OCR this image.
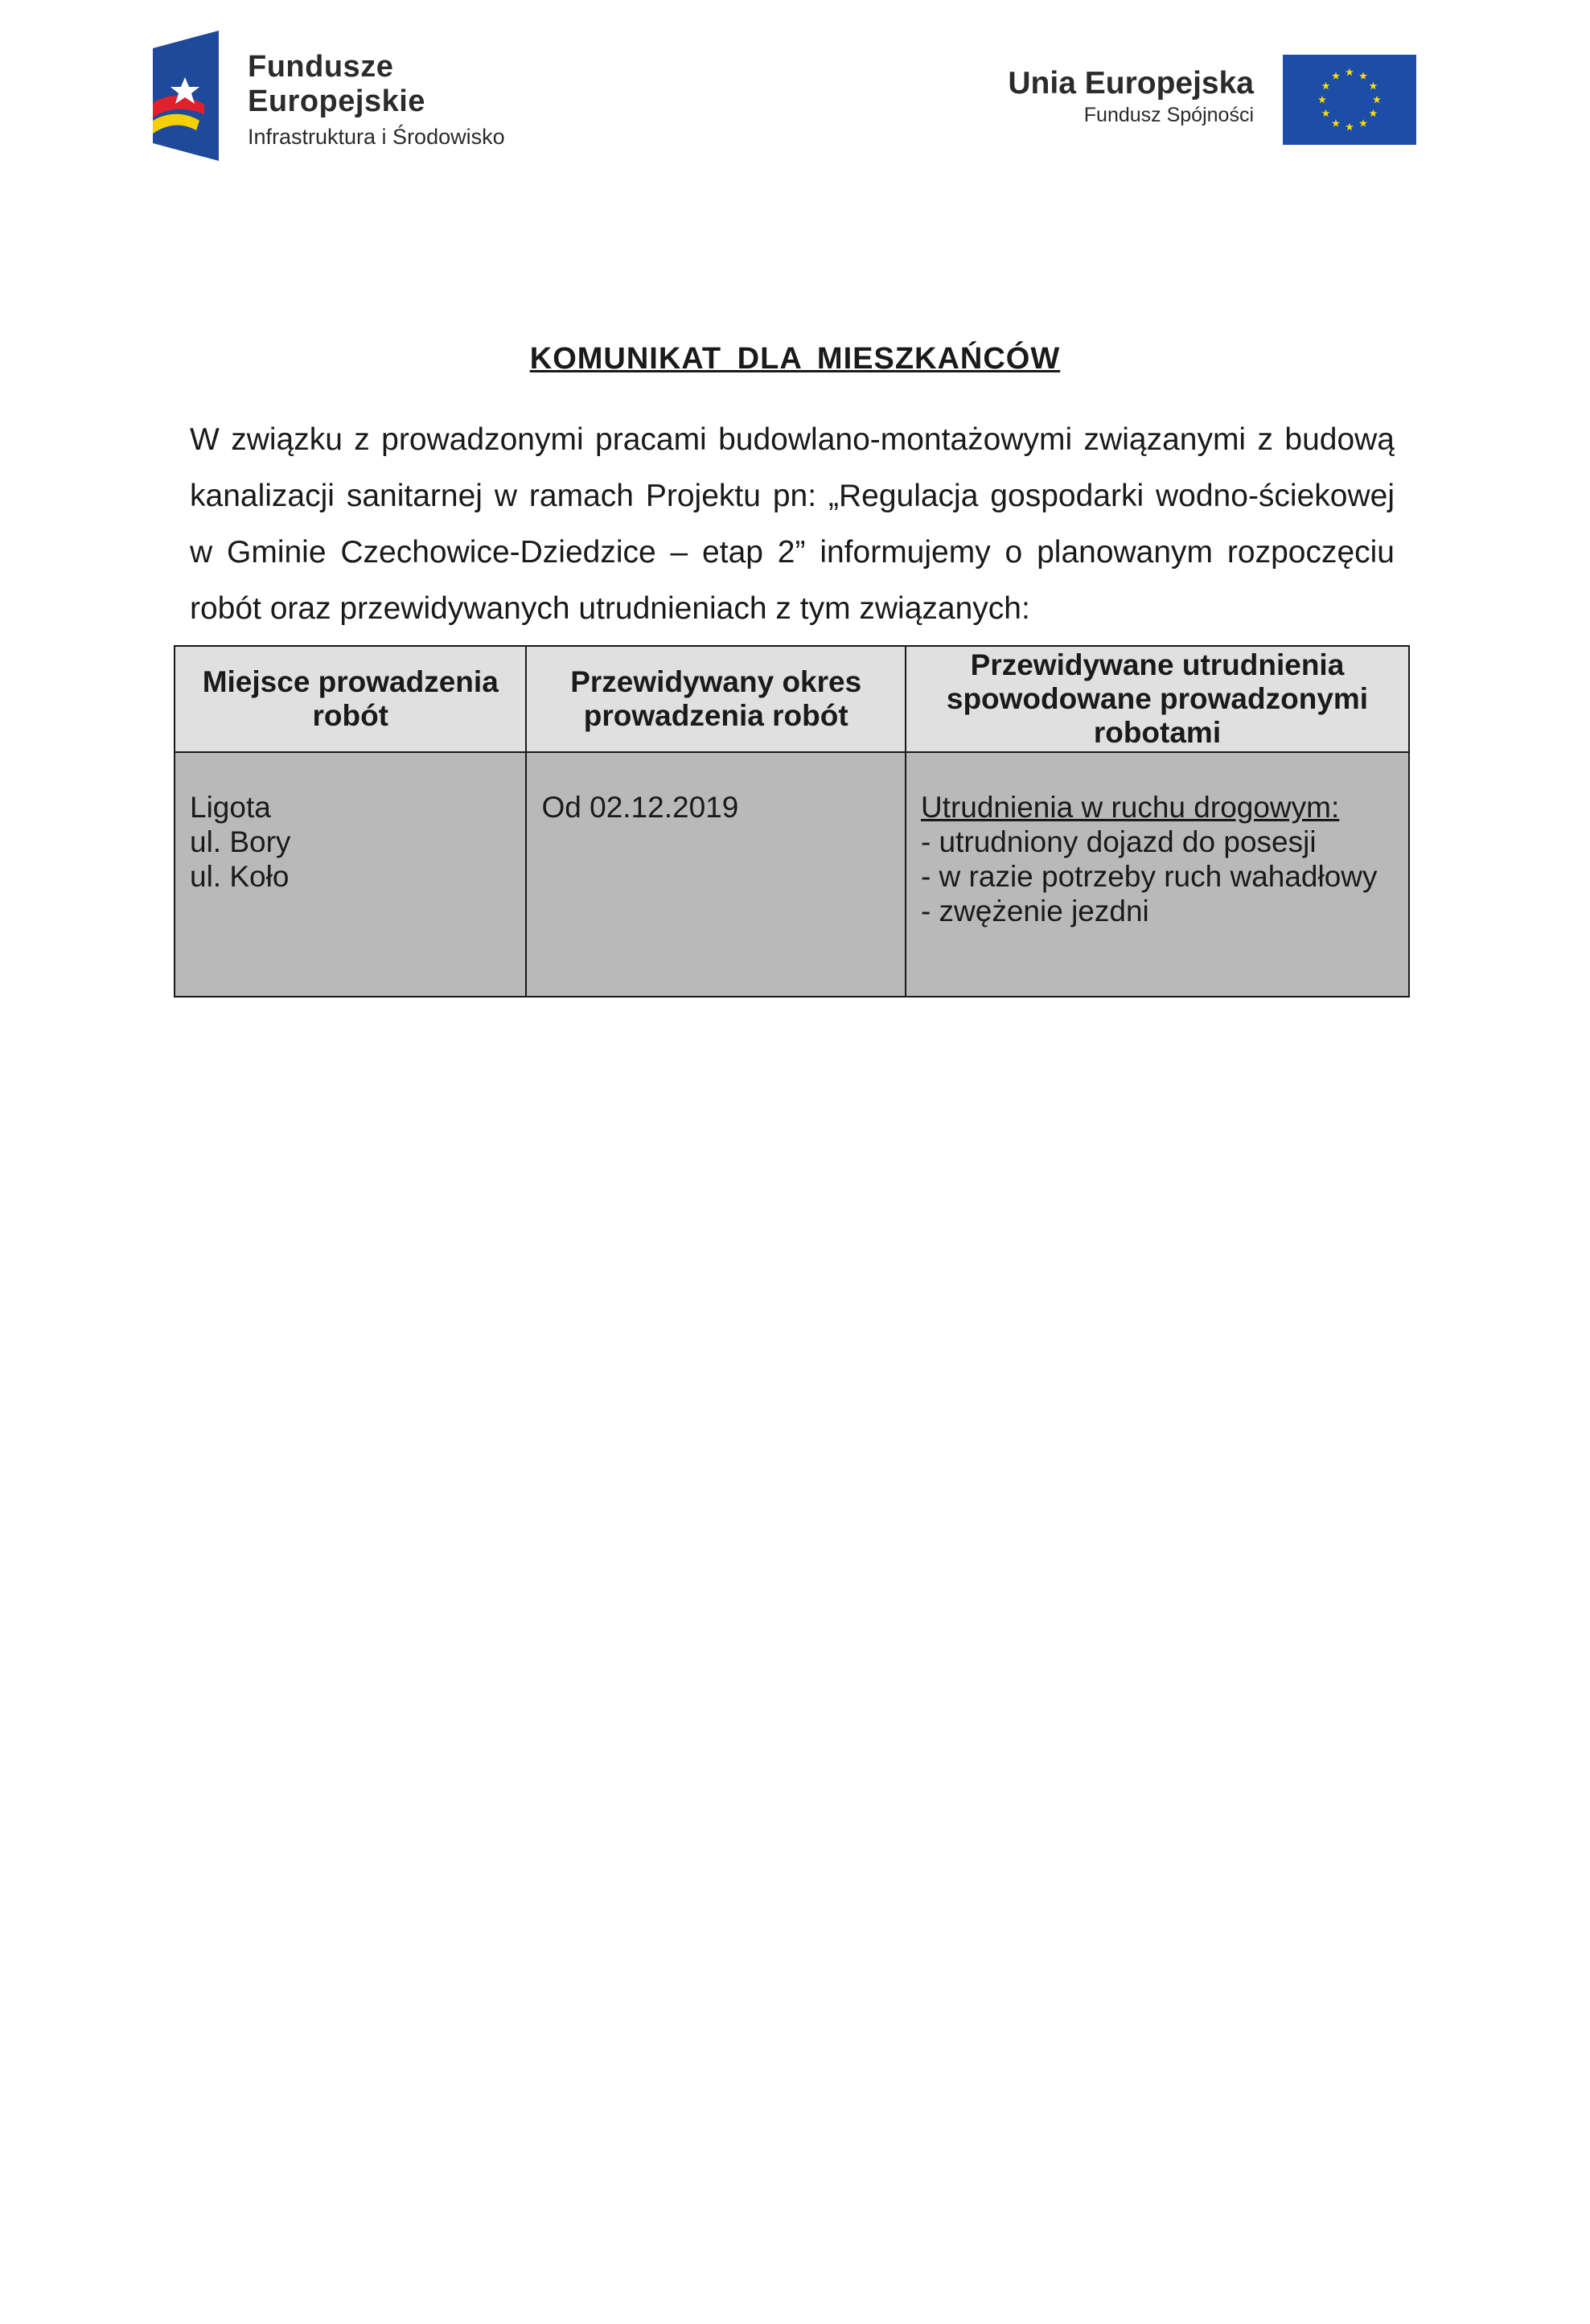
Fundusze
Europejskie
Infrastruktura i Środowisko
Unia Europejska
Fundusz Spójności
KOMUNIKAT DLA MIESZKAŃCÓW

W związku z prowadzonymi pracami budowlano-montażowymi związanymi z budową kanalizacji sanitarnej w ramach Projektu pn: „Regulacja gospodarki wodno-ściekowej w Gminie Czechowice-Dziedzice – etap 2” informujemy o planowanym rozpoczęciu robót oraz przewidywanych utrudnieniach z tym związanych:

Miejsce prowadzenia robót	Przewidywany okres prowadzenia robót	Przewidywane utrudnienia spowodowane prowadzonymi robotami

Ligota
ul. Bory
ul. Koło	Od 02.12.2019	Utrudnienia w ruchu drogowym:
- utrudniony dojazd do posesji
- w razie potrzeby ruch wahadłowy
- zwężenie jezdni
